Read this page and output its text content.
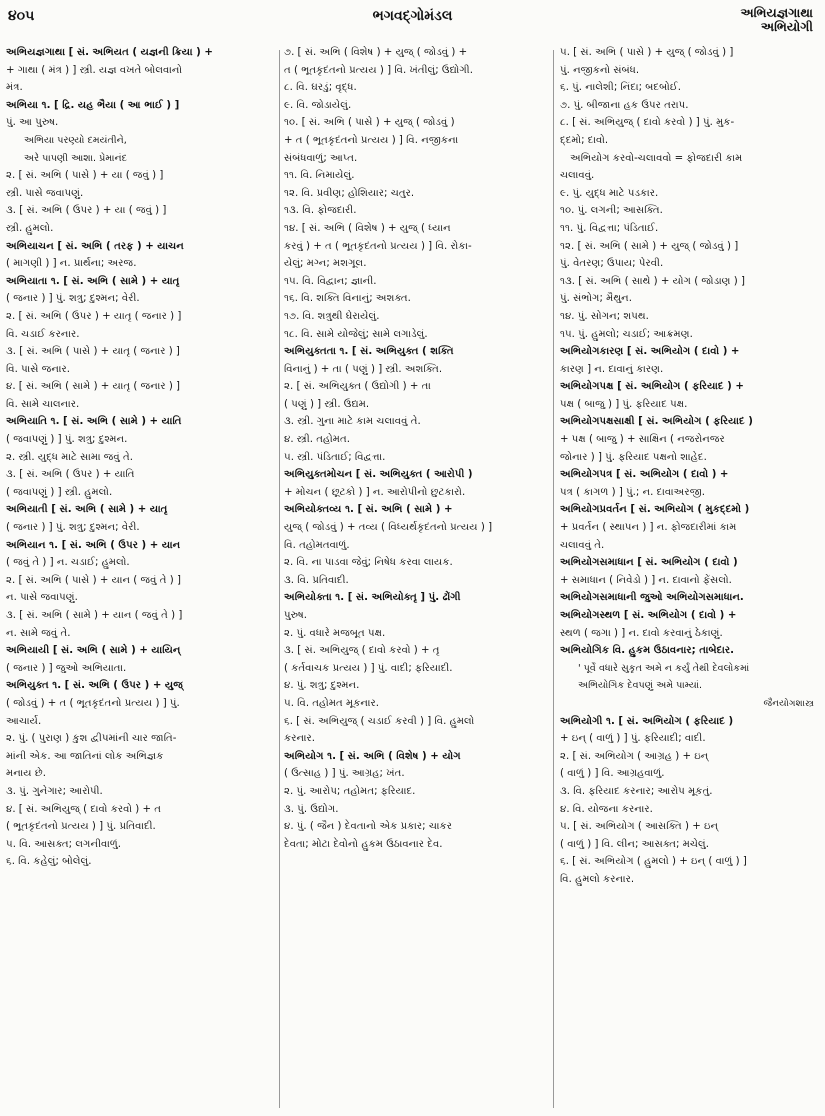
૪૦૫	ભગવદ્ગોમંડલ	અભિયજ્ઞગાથા
અભિયોગી
અભિયજ્ઞગાથા [ સં. અભિયત ( યજ્ઞની ક્રિયા ) +
+ ગાથા ( મંત્ર ) ] સ્ત્રી. યજ્ઞ વખતે બોલવાનો
મંત્ર.
અભિયા ૧. [ દ્રિ. યહ ભૈયા ( આ ભાઈ ) ]
પું. આ પુરુષ.
અભિયા પરણ્યો દમયંતીને,
અરે પાપણી આશા. પ્રેમાનંદ
૨. [ સં. અભિ ( પાસે ) + યા ( જવું ) ]
સ્ત્રી. પાસે જવાપણું.
૩. [ સં. અભિ ( ઉપર ) + યા ( જવું ) ]
સ્ત્રી. હુમલો.
અભિયાચન [ સં. અભિ ( તરફ ) + યાચન
( માગણી ) ] ન. પ્રાર્થના; અરજ.
અભિયાતા ૧. [ સં. અભિ ( સામે ) + યાતૃ
( જનાર ) ] પું. શત્રુ; દુશ્મન; વેરી.
૨. [ સં. અભિ ( ઉપર ) + યાતૃ ( જનાર ) ]
વિ. ચડાઈ કરનાર.
૩. [ સં. અભિ ( પાસે ) + યાતૃ ( જનાર ) ]
વિ. પાસે જનાર.
૪. [ સં. અભિ ( સામે ) + યાતૃ ( જનાર ) ]
વિ. સામે ચાલનાર.
અભિયાતિ ૧. [ સં. અભિ ( સામે ) + યાતિ
( જવાપણું ) ] પું. શત્રુ; દુશ્મન.
૨. સ્ત્રી. યુદ્ધ માટે સામા જવું તે.
૩. [ સં. અભિ ( ઉપર ) + યાતિ
( જવાપણું ) ] સ્ત્રી. હુમલો.
અભિયાતી [ સં. અભિ ( સામે ) + યાતૃ
( જનાર ) ] પું. શત્રુ; દુશ્મન; વેરી.
અભિયાન ૧. [ સં. અભિ ( ઉપર ) + યાન
( જવું તે ) ] ન. ચડાઈ; હુમલો.
૨. [ સં. અભિ ( પાસે ) + યાન ( જવું તે ) ]
ન. પાસે જવાપણું.
૩. [ સં. અભિ ( સામે ) + યાન ( જવું તે ) ]
ન. સામે જવું તે.
અભિયાયી [ સં. અભિ ( સામે ) + યાયિન્
( જનાર ) ] જુઓ અભિયાતા.
અભિયુક્ત ૧. [ સં. અભિ ( ઉપર ) + યુજ્
( જોડવું ) + ત ( ભૂતકૃદંતનો પ્રત્યય ) ] પું.
આચાર્ય.
૨. પું. ( પુરાણ ) કુશ દ્વીપમાંની ચાર જાતિ-
માંની એક. આ જાતિનાં લોક અભિજ્ઞક
મનાય છે.
૩. પું. ગુનેગાર; આરોપી.
૪. [ સં. અભિયુજ્ ( દાવો કરવો ) + ત
( ભૂતકૃદંતનો પ્રત્યય ) ] પું. પ્રતિવાદી.
૫. વિ. આસક્ત; લગનીવાળું.
૬. વિ. કહેલું; બોલેલું.
૭. [ સં. અભિ ( વિશેષ ) + યુજ્ ( જોડવું ) +
ત ( ભૂતકૃદંતનો પ્રત્યય ) ] વિ. ખંતીલું; ઉદ્યોગી.
૮. વિ. ઘરડું; વૃદ્ધ.
૯. વિ. જોડાયેલું.
૧૦. [ સં. અભિ ( પાસે ) + યુજ્ ( જોડવું )
+ ત ( ભૂતકૃદંતનો પ્રત્યય ) ] વિ. નજીકના
સંબંધવાળું; આપ્ત.
૧૧. વિ. નિમાયેલું.
૧૨. વિ. પ્રવીણ; હોશિયાર; ચતુર.
૧૩. વિ. ફોજદારી.
૧૪. [ સં. અભિ ( વિશેષ ) + યુજ્ ( ધ્યાન
કરવું ) + ત ( ભૂતકૃદંતનો પ્રત્યય ) ] વિ. રોકા-
યેલું; મગ્ન; મશગૂલ.
૧૫. વિ. વિદ્વાન; જ્ઞાની.
૧૬. વિ. શક્તિ વિનાનું; અશક્ત.
૧૭. વિ. શત્રુથી ઘેરાયેલું.
૧૮. વિ. સામે યોજેલું; સામે લગાડેલું.
અભિયુક્તતા ૧. [ સં. અભિયુક્ત ( શક્તિ
વિનાનું ) + તા ( પણું ) ] સ્ત્રી. અશક્તિ.
૨. [ સં. અભિયુક્ત ( ઉદ્યોગી ) + તા
( પણું ) ] સ્ત્રી. ઉદ્યમ.
૩. સ્ત્રી. ગુના માટે કામ ચલાવવું તે.
૪. સ્ત્રી. તહોમત.
૫. સ્ત્રી. પંડિતાઈ; વિદ્વત્તા.
અભિયુક્તમોચન [ સં. અભિયુક્ત ( આરોપી )
+ મોચન ( છૂટકો ) ] ન. આરોપીનો છુટકારો.
અભિયોક્તવ્ય ૧. [ સં. અભિ ( સામે ) +
યુજ્ ( જોડવું ) + તવ્ય ( વિધ્યર્થકૃદંતનો પ્રત્યય ) ]
વિ. તહોમતવાળું.
૨. વિ. ના પાડવા જેવું; નિષેધ કરવા લાયક.
૩. વિ. પ્રતિવાદી.
અભિયોક્તા ૧. [ સં. અભિયોક્તૃ ] પું. ઢોંગી
પુરુષ.
૨. પું. વધારે મજબૂત પક્ષ.
૩. [ સં. અભિયુજ્ ( દાવો કરવો ) + તૃ
( કર્તવાચક પ્રત્યય ) ] પું. વાદી; ફરિયાદી.
૪. પું. શત્રુ; દુશ્મન.
૫. વિ. તહોમત મૂકનાર.
૬. [ સં. અભિયુજ્ ( ચડાઈ કરવી ) ] વિ. હુમલો
કરનાર.
અભિયોગ ૧. [ સં. અભિ ( વિશેષ ) + યોગ
( ઉત્સાહ ) ] પું. આગ્રહ; ખંત.
૨. પું. આરોપ; તહોમત; ફરિયાદ.
૩. પું. ઉદ્યોગ.
૪. પું. ( જૈન ) દેવતાનો એક પ્રકાર; ચાકર
દેવતા; મોટા દેવોનો હુકમ ઉઠાવનાર દેવ.
૫. [ સં. અભિ ( પાસે ) + યુજ્ ( જોડવું ) ]
પું. નજીકનો સંબંધ.
૬. પું. નાલેશી; નિંદા; બદબોઈ.
૭. પું. બીજાના હક ઉપર તરાપ.
૮. [ સં. અભિયુજ્ ( દાવો કરવો ) ] પું. મુક-
દ્દમો; દાવો.
અભિયોગ કરવો-ચલાવવો = ફોજદારી કામ
ચલાવવું.
૯. પું. યુદ્ધ માટે પડકાર.
૧૦. પું. લગની; આસક્તિ.
૧૧. પું. વિદ્વત્તા; પંડિતાઈ.
૧૨. [ સં. અભિ ( સામે ) + યુજ્ ( જોડવું ) ]
પું. વેતરણ; ઉપાય; પેરવી.
૧૩. [ સં. અભિ ( સાથે ) + યોગ ( જોડાણ ) ]
પું. સંભોગ; મૈથુન.
૧૪. પું. સોગન; શપથ.
૧૫. પું. હુમલો; ચડાઈ; આક્રમણ.
અભિયોગકારણ [ સં. અભિયોગ ( દાવો ) +
કારણ ] ન. દાવાનું કારણ.
અભિયોગપક્ષ [ સં. અભિયોગ ( ફરિયાદ ) +
પક્ષ ( બાજુ ) ] પું. ફરિયાદ પક્ષ.
અભિયોગપક્ષસાક્ષી [ સં. અભિયોગ ( ફરિયાદ )
+ પક્ષ ( બાજુ ) + સાક્ષિન ( નજરોનજર
જોનાર ) ] પું. ફરિયાદ પક્ષનો શાહેદ.
અભિયોગપત્ર [ સં. અભિયોગ ( દાવો ) +
પત્ર ( કાગળ ) ] પું.; ન. દાવાઅરજી.
અભિયોગપ્રવર્તન [ સં. અભિયોગ ( મુકદ્દમો )
+ પ્રવર્તન ( સ્થાપન ) ] ન. ફોજદારીમાં કામ
ચલાવવું તે.
અભિયોગસમાધાન [ સં. અભિયોગ ( દાવો )
+ સમાધાન ( નિવેડો ) ] ન. દાવાનો ફેંસલો.
અભિયોગસમાધાની જુઓ અભિયોગસમાધાન.
અભિયોગસ્થળ [ સં. અભિયોગ ( દાવો ) +
સ્થળ ( જગા ) ] ન. દાવો કરવાનું ઠેકાણું.
અભિયોગિક વિ. હુકમ ઉઠાવનાર; તાબેદાર.
' પૂર્વે વધારે સુકૃત અમે ન કર્યું તેથી દેવલોકમાં
અભિયોગિક દેવપણું અમે પામ્યાં.
જૈનયોગશાસ્ત્ર
અભિયોગી ૧. [ સં. અભિયોગ ( ફરિયાદ )
+ ઇન્ ( વાળું ) ] પું. ફરિયાદી; વાદી.
૨. [ સં. અભિયોગ ( આગ્રહ ) + ઇન્
( વાળું ) ] વિ. આગ્રહવાળું.
૩. વિ. ફરિયાદ કરનાર; આરોપ મૂકતું.
૪. વિ. યોજના કરનાર.
૫. [ સં. અભિયોગ ( આસક્તિ ) + ઇન્
( વાળું ) ] વિ. લીન; આસક્ત; મચેલું.
૬. [ સં. અભિયોગ ( હુમલો ) + ઇન્ ( વાળું ) ]
વિ. હુમલો કરનાર.
